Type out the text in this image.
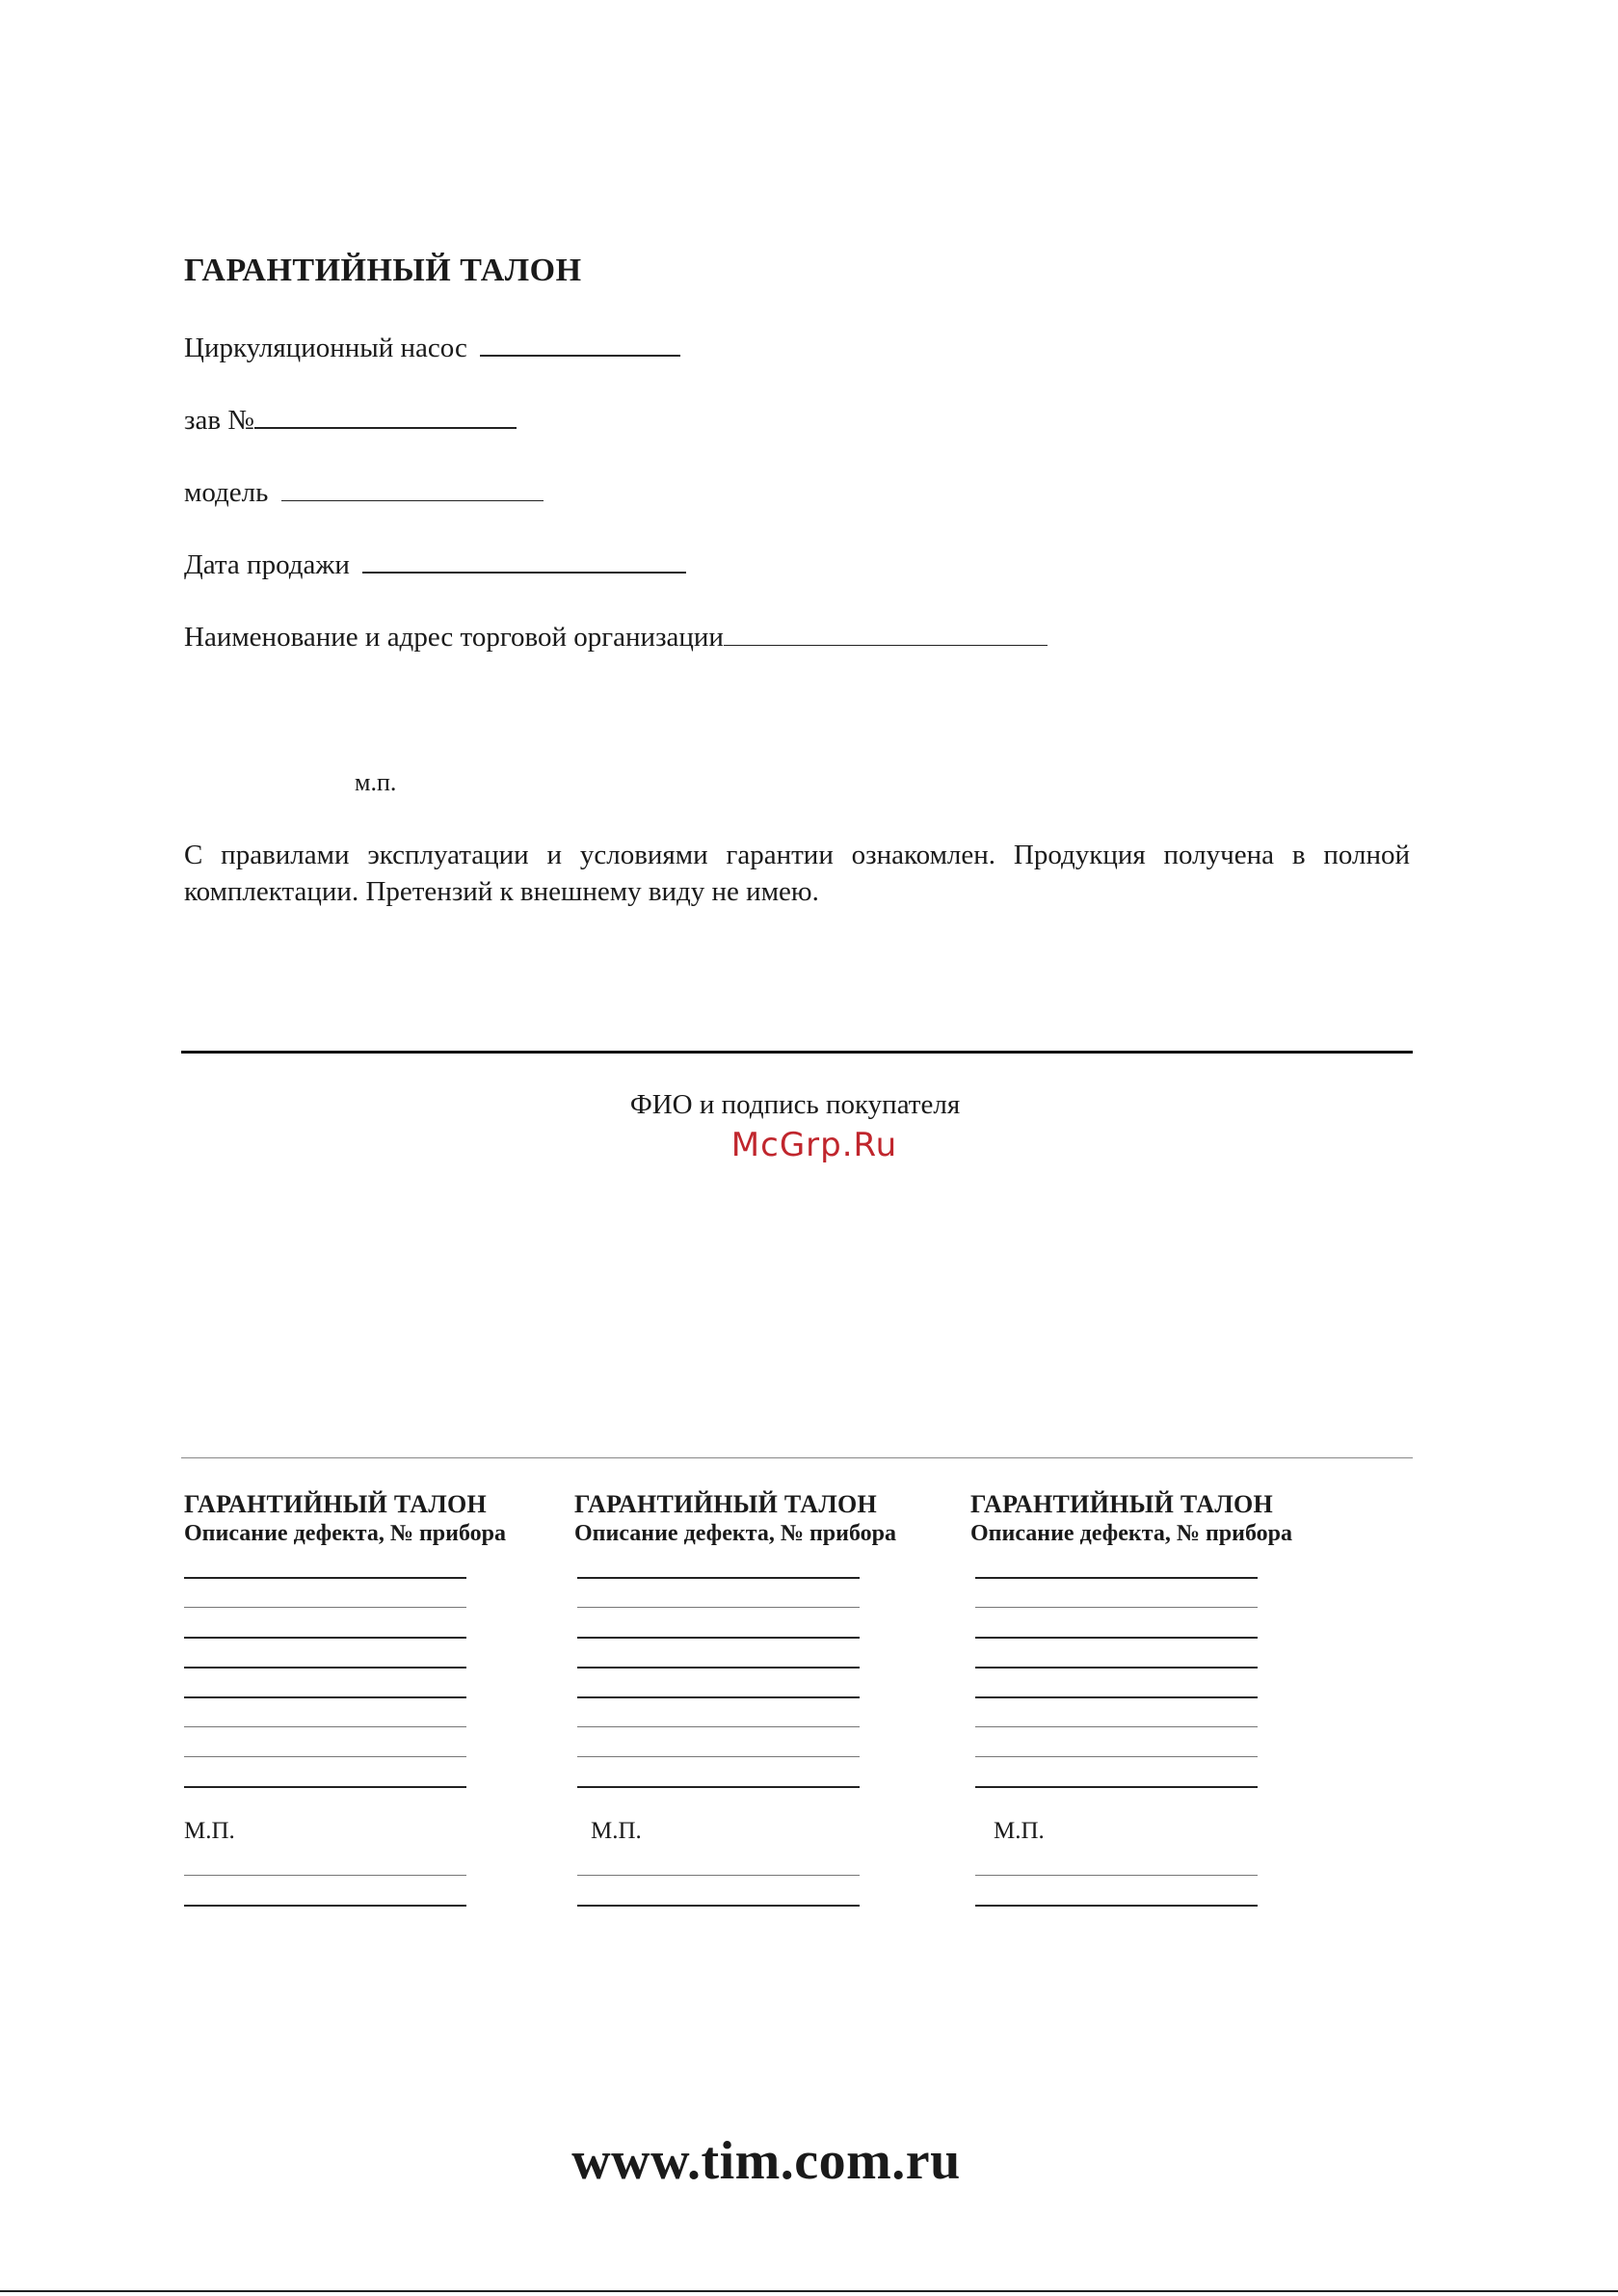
ГАРАНТИЙНЫЙ ТАЛОН
Циркуляционный насос
зав №
модель
Дата продажи
Наименование и адрес торговой организации
м.п.
С правилами эксплуатации и условиями гарантии ознакомлен. Продукция получена в полной комплектации. Претензий к внешнему виду не имею.
ФИО и подпись покупателя
McGrp.Ru
ГАРАНТИЙНЫЙ ТАЛОН
Описание дефекта, № прибора
М.П.
ГАРАНТИЙНЫЙ ТАЛОН
Описание дефекта, № прибора
М.П.
ГАРАНТИЙНЫЙ ТАЛОН
Описание дефекта, № прибора
М.П.
www.tim.com.ru
